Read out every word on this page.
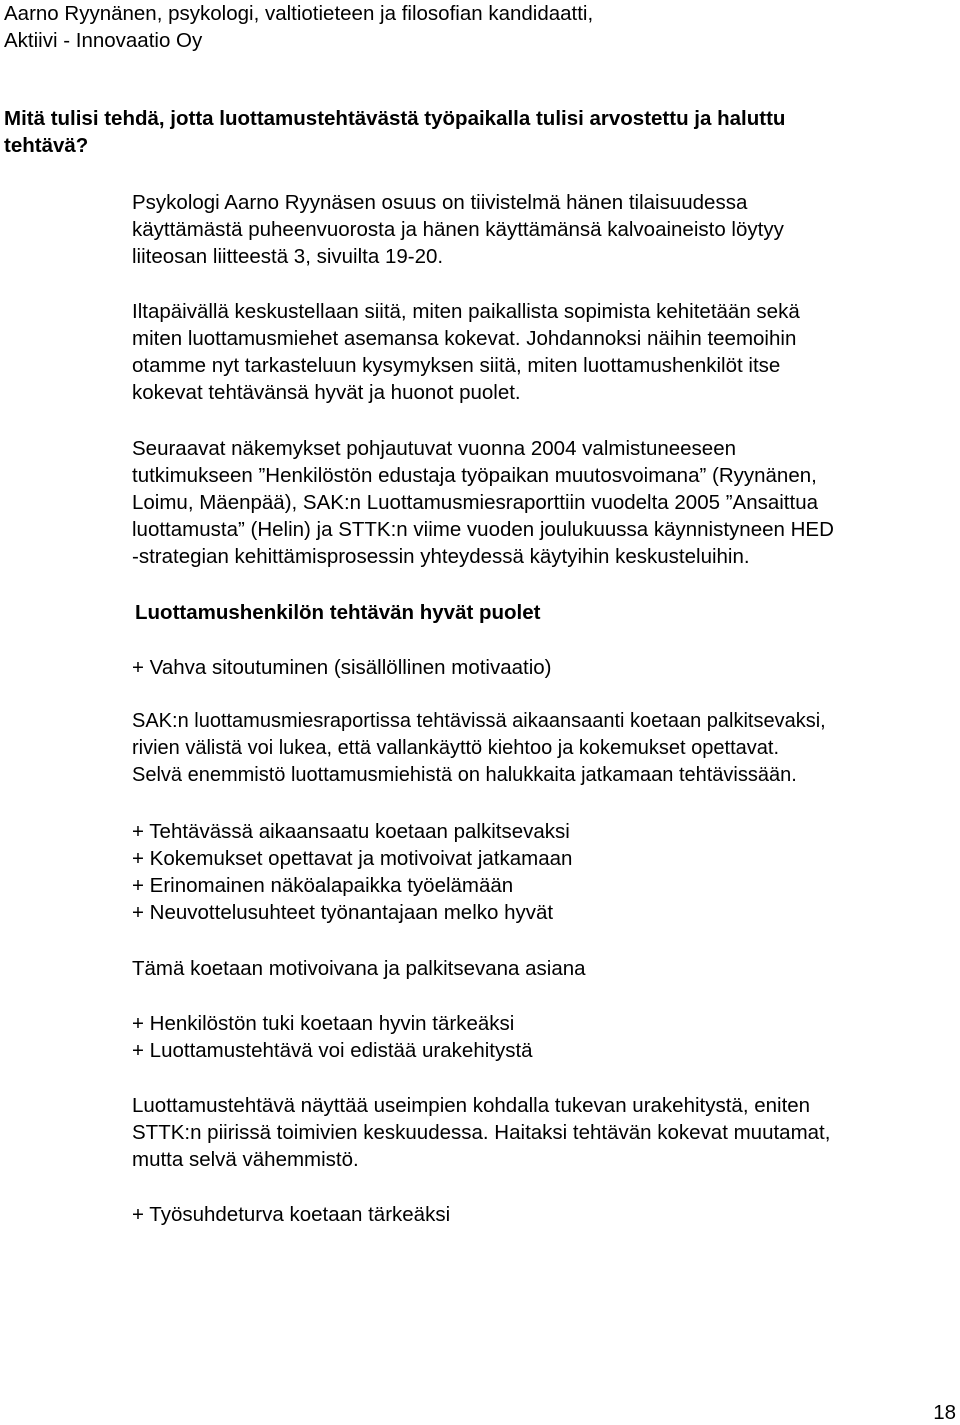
Aarno Ryynänen, psykologi, valtiotieteen ja filosofian kandidaatti,
Aktiivi - Innovaatio Oy
Mitä tulisi tehdä, jotta luottamustehtävästä työpaikalla tulisi arvostettu ja haluttu
tehtävä?
Psykologi Aarno Ryynäsen osuus on tiivistelmä hänen tilaisuudessa
käyttämästä puheenvuorosta ja hänen käyttämänsä kalvoaineisto löytyy
liiteosan liitteestä 3, sivuilta 19-20.
Iltapäivällä keskustellaan siitä, miten paikallista sopimista kehitetään sekä
miten luottamusmiehet asemansa kokevat. Johdannoksi näihin teemoihin
otamme nyt tarkasteluun kysymyksen siitä, miten luottamushenkilöt itse
kokevat tehtävänsä hyvät ja huonot puolet.
Seuraavat näkemykset pohjautuvat vuonna 2004 valmistuneeseen
tutkimukseen ”Henkilöstön edustaja työpaikan muutosvoimana” (Ryynänen,
Loimu, Mäenpää), SAK:n Luottamusmiesraporttiin vuodelta 2005 ”Ansaittua
luottamusta” (Helin) ja STTK:n viime vuoden joulukuussa käynnistyneen HED
-strategian kehittämisprosessin yhteydessä käytyihin keskusteluihin.
Luottamushenkilön tehtävän hyvät puolet
+ Vahva sitoutuminen (sisällöllinen motivaatio)
SAK:n luottamusmiesraportissa tehtävissä aikaansaanti koetaan palkitsevaksi,
rivien välistä voi lukea, että vallankäyttö kiehtoo ja kokemukset opettavat.
Selvä enemmistö luottamusmiehistä on halukkaita jatkamaan tehtävissään.
+ Tehtävässä aikaansaatu koetaan palkitsevaksi
+ Kokemukset opettavat ja motivoivat jatkamaan
+ Erinomainen näköalapaikka työelämään
+ Neuvottelusuhteet työnantajaan melko hyvät
Tämä koetaan motivoivana ja palkitsevana asiana
+ Henkilöstön tuki koetaan hyvin tärkeäksi
+ Luottamustehtävä voi edistää urakehitystä
Luottamustehtävä näyttää useimpien kohdalla tukevan urakehitystä, eniten
STTK:n piirissä toimivien keskuudessa. Haitaksi tehtävän kokevat muutamat,
mutta selvä vähemmistö.
+ Työsuhdeturva koetaan tärkeäksi
18
